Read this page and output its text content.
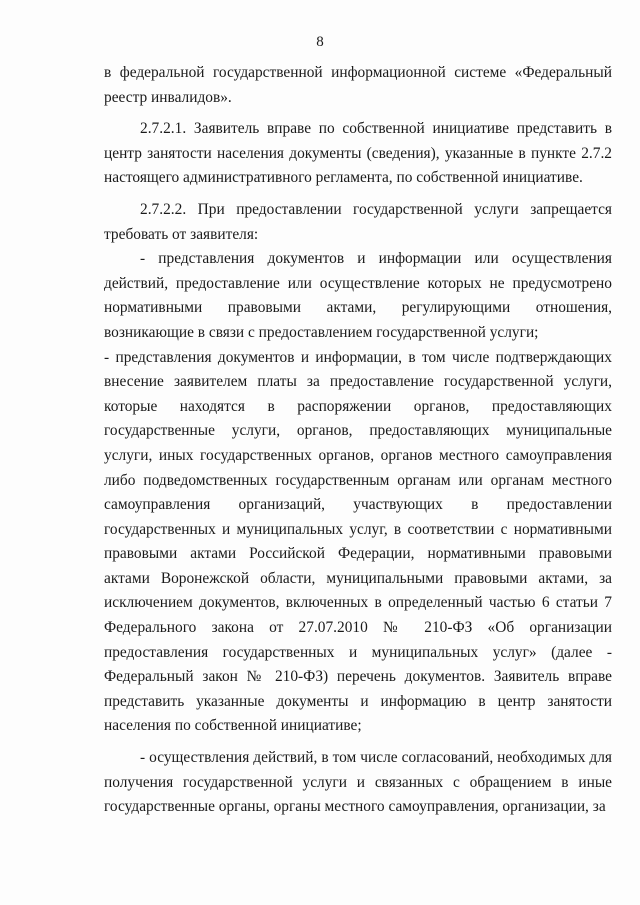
8

в федеральной государственной информационной системе «Федеральный реестр инвалидов».

2.7.2.1. Заявитель вправе по собственной инициативе представить в центр занятости населения документы (сведения), указанные в пункте 2.7.2 настоящего административного регламента, по собственной инициативе.

2.7.2.2. При предоставлении государственной услуги запрещается требовать от заявителя:

- представления документов и информации или осуществления действий, предоставление или осуществление которых не предусмотрено нормативными правовыми актами, регулирующими отношения, возникающие в связи с предоставлением государственной услуги;

- представления документов и информации, в том числе подтверждающих внесение заявителем платы за предоставление государственной услуги, которые находятся в распоряжении органов, предоставляющих государственные услуги, органов, предоставляющих муниципальные услуги, иных государственных органов, органов местного самоуправления либо подведомственных государственным органам или органам местного самоуправления организаций, участвующих в предоставлении государственных и муниципальных услуг, в соответствии с нормативными правовыми актами Российской Федерации, нормативными правовыми актами Воронежской области, муниципальными правовыми актами, за исключением документов, включенных в определенный частью 6 статьи 7 Федерального закона от 27.07.2010 № 210-ФЗ «Об организации предоставления государственных и муниципальных услуг» (далее - Федеральный закон № 210-ФЗ) перечень документов. Заявитель вправе представить указанные документы и информацию в центр занятости населения по собственной инициативе;

- осуществления действий, в том числе согласований, необходимых для получения государственной услуги и связанных с обращением в иные государственные органы, органы местного самоуправления, организации, за
